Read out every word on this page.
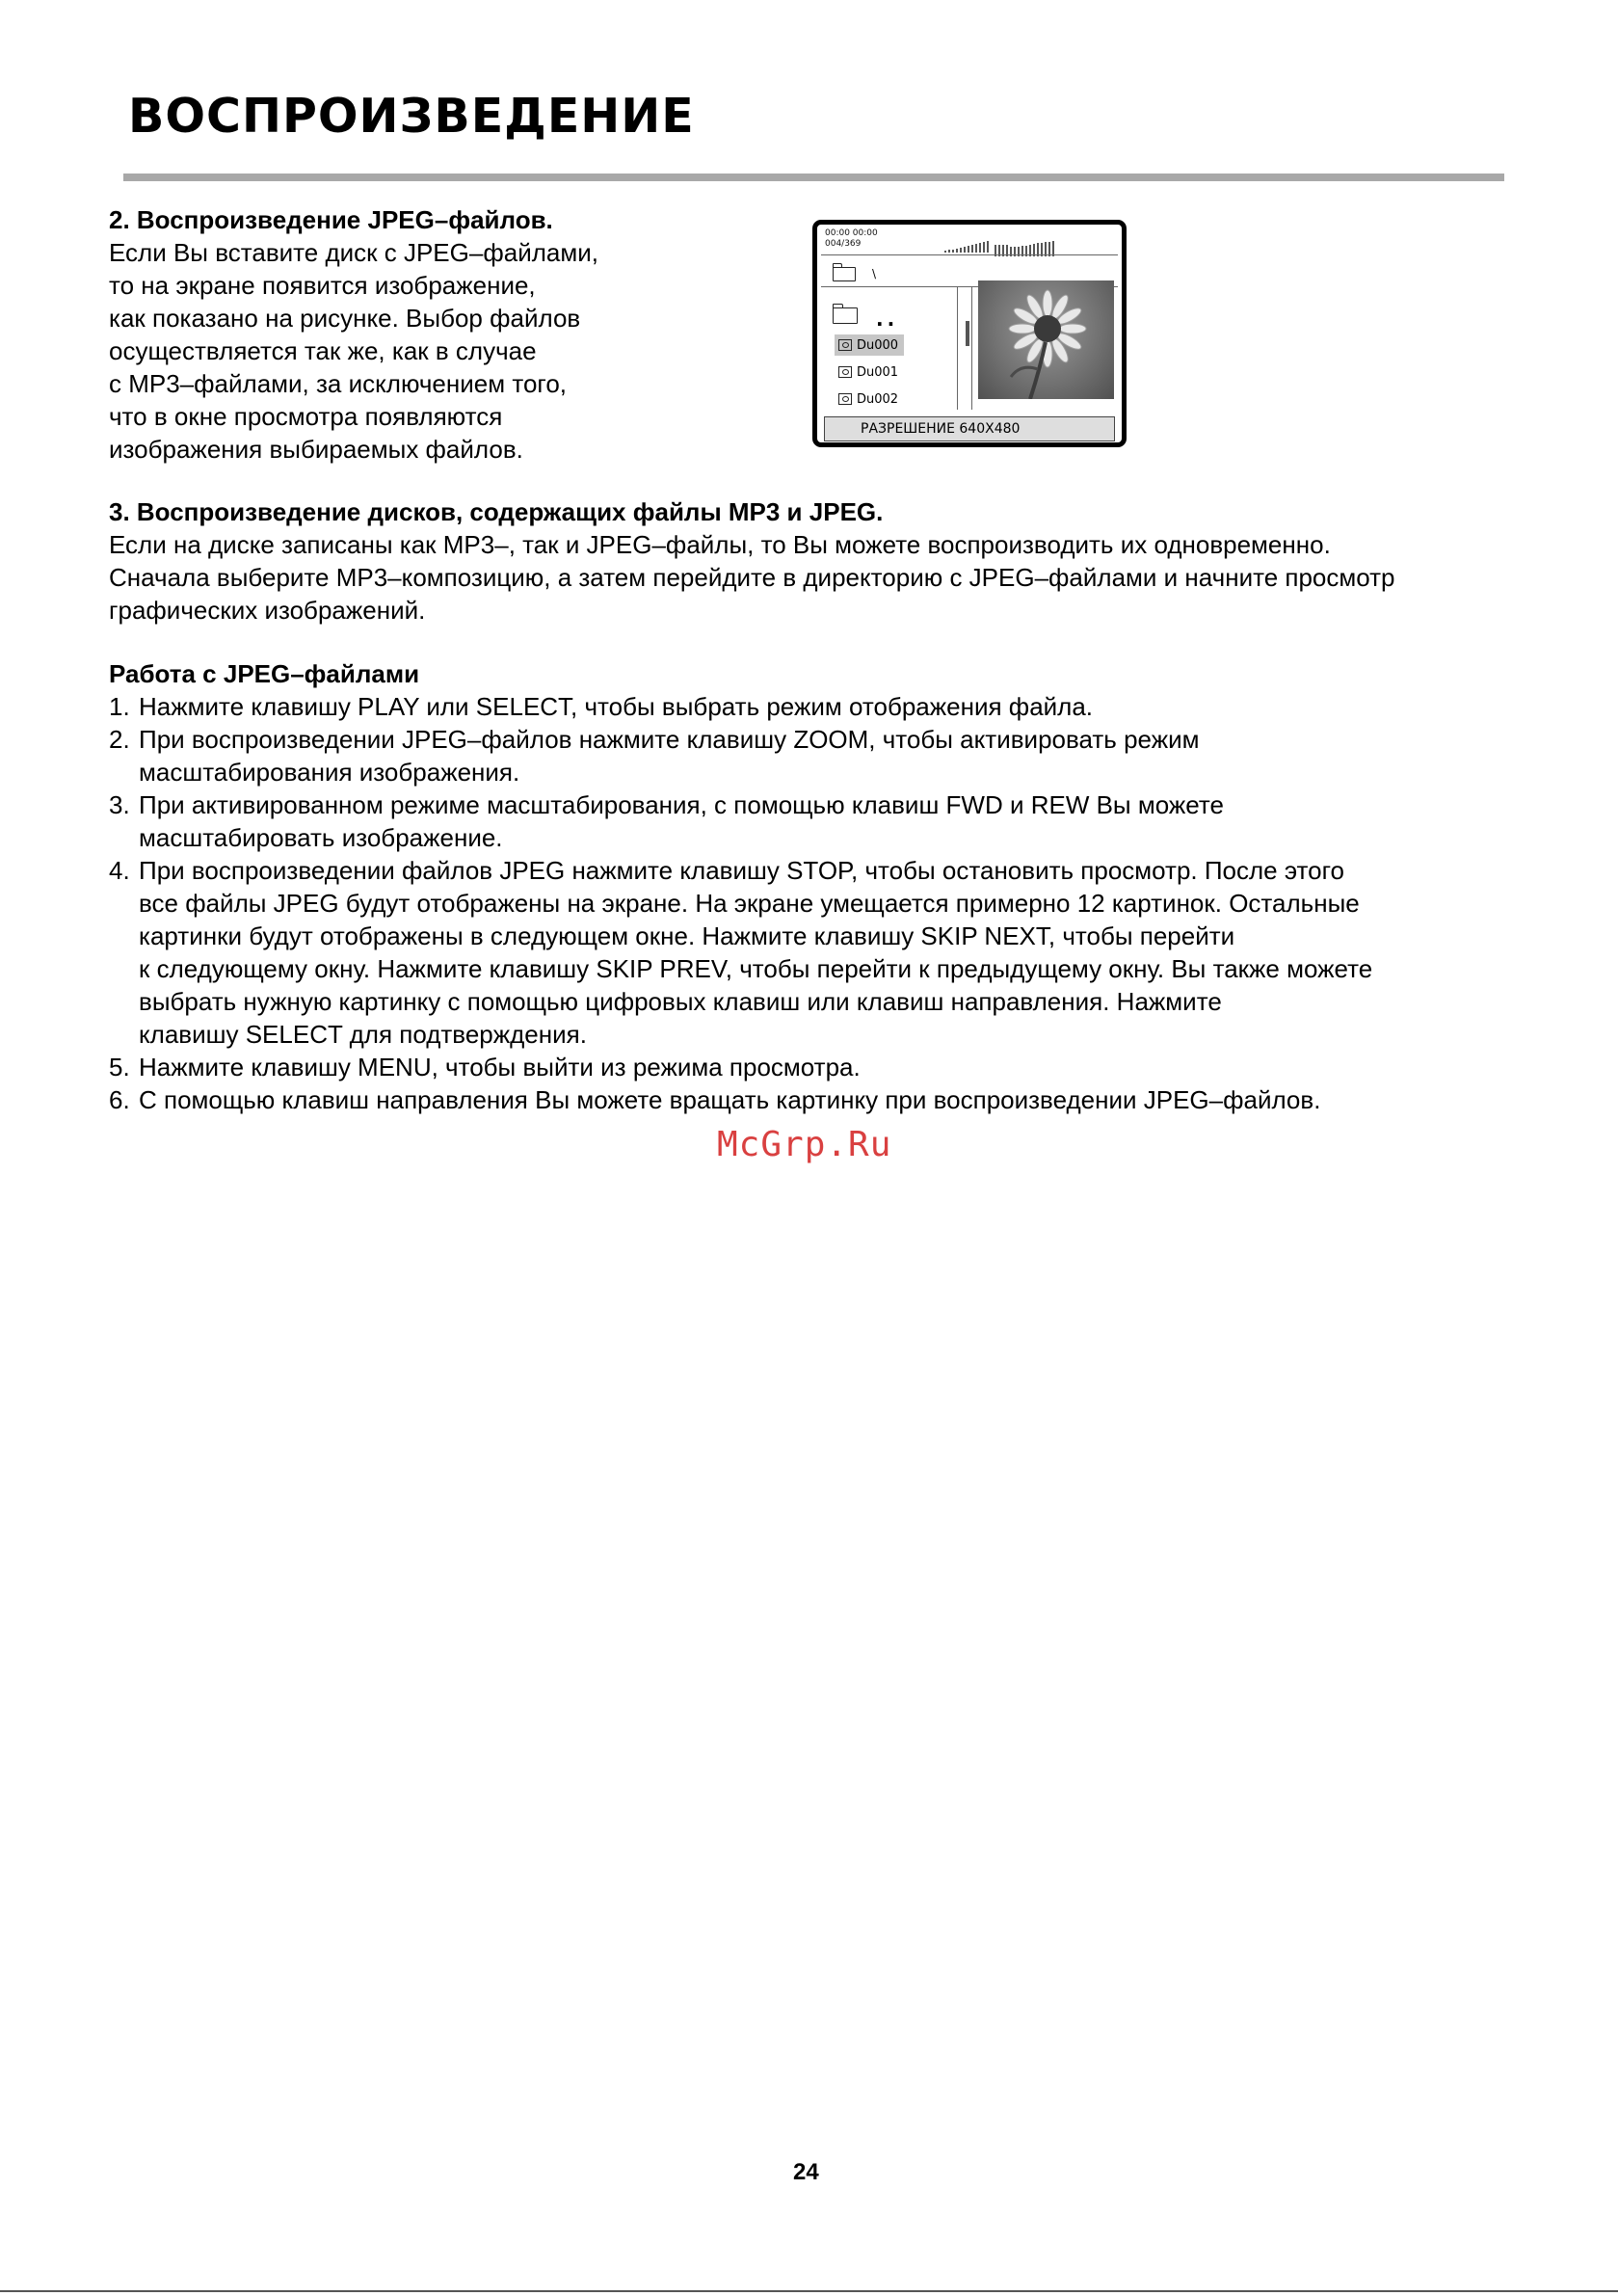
ВОСПРОИЗВЕДЕНИЕ

2. Воспроизведение JPEG–файлов.

Если Вы вставите диск с JPEG–файлами,

то на экране появится изображение,

как показано на рисунке. Выбор файлов

осуществляется так же, как в случае

с MP3–файлами, за исключением того,

что в окне просмотра появляются

изображения выбираемых файлов.

00:00 00:00
004/369
\
..
Du000
Du001
Du002
РАЗРЕШЕНИЕ 640X480

3. Воспроизведение дисков, содержащих файлы MP3 и JPEG.

Если на диске записаны как MP3–, так и JPEG–файлы, то Вы можете воспроизводить их одновременно.

Сначала выберите MP3–композицию, а затем перейдите в директорию с JPEG–файлами и начните просмотр

графических изображений.

Работа с JPEG–файлами

1. Нажмите клавишу PLAY или SELECT, чтобы выбрать режим отображения файла.

2. При воспроизведении JPEG–файлов нажмите клавишу ZOOM, чтобы активировать режим

масштабирования изображения.

3. При активированном режиме масштабирования, с помощью клавиш FWD и REW Вы можете

масштабировать изображение.

4. При воспроизведении файлов JPEG нажмите клавишу STOP, чтобы остановить просмотр. После этого

все файлы JPEG будут отображены на экране. На экране умещается примерно 12 картинок. Остальные

картинки будут отображены в следующем окне. Нажмите клавишу SKIP NEXT, чтобы перейти

к следующему окну. Нажмите клавишу SKIP PREV, чтобы перейти к предыдущему окну. Вы также можете

выбрать нужную картинку с помощью цифровых клавиш или клавиш направления. Нажмите

клавишу SELECT для подтверждения.

5. Нажмите клавишу MENU, чтобы выйти из режима просмотра.

6. С помощью клавиш направления Вы можете вращать картинку при воспроизведении JPEG–файлов.

McGrp.Ru
24
